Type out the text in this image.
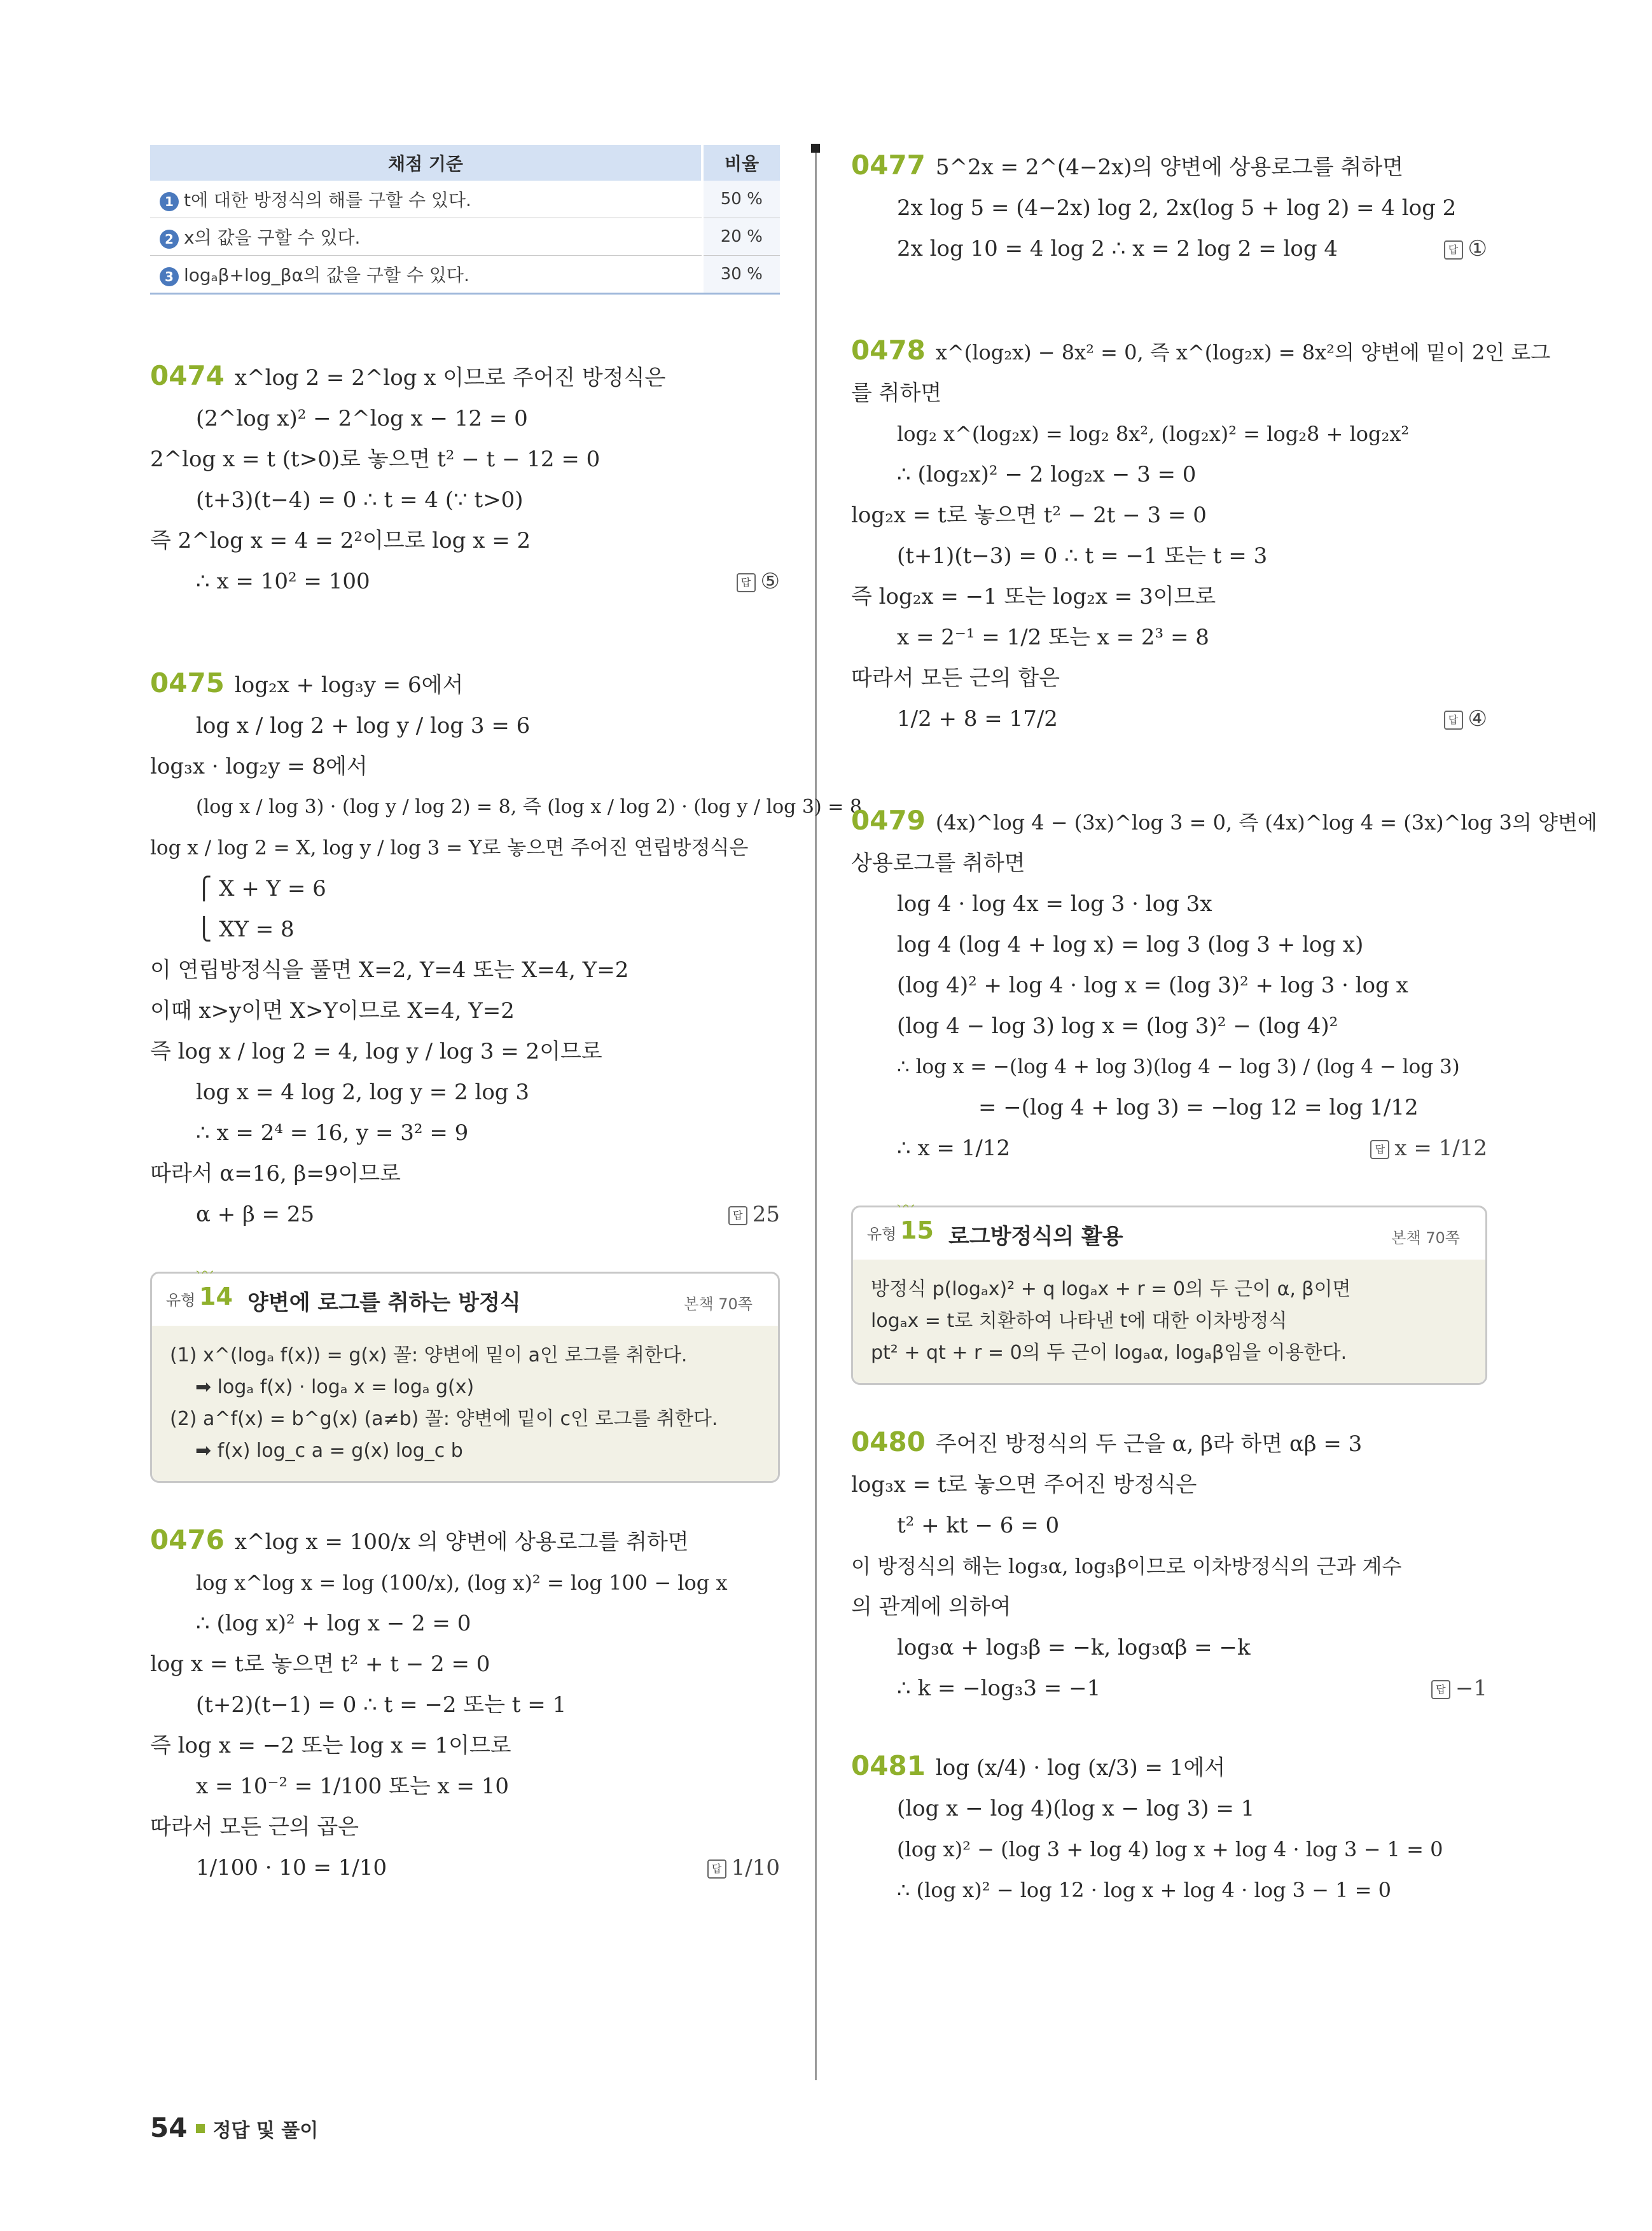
채점 기준	비율
1 t에 대한 방정식의 해를 구할 수 있다.	50 %
2 x의 값을 구할 수 있다.	20 %
3 logₐβ+log_βα의 값을 구할 수 있다.	30 %
0474 x^log 2 = 2^log x 이므로 주어진 방정식은
(2^log x)² − 2^log x − 12 = 0
2^log x = t (t>0)로 놓으면 t² − t − 12 = 0
(t+3)(t−4) = 0 ∴ t = 4 (∵ t>0)
즉 2^log x = 4 = 2²이므로 log x = 2
∴ x = 10² = 100	답 ⑤
0475 log₂x + log₃y = 6에서
log x / log 2 + log y / log 3 = 6
log₃x · log₂y = 8에서
(log x / log 3) · (log y / log 2) = 8, 즉 (log x / log 2) · (log y / log 3) = 8
log x / log 2 = X, log y / log 3 = Y로 놓으면 주어진 연립방정식은
⎧ X + Y = 6
⎩ XY = 8
이 연립방정식을 풀면 X=2, Y=4 또는 X=4, Y=2
이때 x>y이면 X>Y이므로 X=4, Y=2
즉 log x / log 2 = 4, log y / log 3 = 2이므로
log x = 4 log 2, log y = 2 log 3
∴ x = 2⁴ = 16, y = 3² = 9
따라서 α=16, β=9이므로
α + β = 25	답 25
유형 14 양변에 로그를 취하는 방정식	본책 70쪽
(1) x^(logₐ f(x)) = g(x) 꼴: 양변에 밑이 a인 로그를 취한다.
➡ logₐ f(x) · logₐ x = logₐ g(x)
(2) a^f(x) = b^g(x) (a≠b) 꼴: 양변에 밑이 c인 로그를 취한다.
➡ f(x) log_c a = g(x) log_c b
0476 x^log x = 100/x 의 양변에 상용로그를 취하면
log x^log x = log (100/x), (log x)² = log 100 − log x
∴ (log x)² + log x − 2 = 0
log x = t로 놓으면 t² + t − 2 = 0
(t+2)(t−1) = 0 ∴ t = −2 또는 t = 1
즉 log x = −2 또는 log x = 1이므로
x = 10⁻² = 1/100 또는 x = 10
따라서 모든 근의 곱은
1/100 · 10 = 1/10	답 1/10
0477 5^2x = 2^(4−2x)의 양변에 상용로그를 취하면
2x log 5 = (4−2x) log 2, 2x(log 5 + log 2) = 4 log 2
2x log 10 = 4 log 2 ∴ x = 2 log 2 = log 4	답 ①
0478 x^(log₂x) − 8x² = 0, 즉 x^(log₂x) = 8x²의 양변에 밑이 2인 로그
를 취하면
log₂ x^(log₂x) = log₂ 8x², (log₂x)² = log₂8 + log₂x²
∴ (log₂x)² − 2 log₂x − 3 = 0
log₂x = t로 놓으면 t² − 2t − 3 = 0
(t+1)(t−3) = 0 ∴ t = −1 또는 t = 3
즉 log₂x = −1 또는 log₂x = 3이므로
x = 2⁻¹ = 1/2 또는 x = 2³ = 8
따라서 모든 근의 합은
1/2 + 8 = 17/2	답 ④
0479 (4x)^log 4 − (3x)^log 3 = 0, 즉 (4x)^log 4 = (3x)^log 3의 양변에
상용로그를 취하면
log 4 · log 4x = log 3 · log 3x
log 4 (log 4 + log x) = log 3 (log 3 + log x)
(log 4)² + log 4 · log x = (log 3)² + log 3 · log x
(log 4 − log 3) log x = (log 3)² − (log 4)²
∴ log x = −(log 4 + log 3)(log 4 − log 3) / (log 4 − log 3)
= −(log 4 + log 3) = −log 12 = log 1/12
∴ x = 1/12	답 x = 1/12
유형 15 로그방정식의 활용	본책 70쪽
방정식 p(logₐx)² + q logₐx + r = 0의 두 근이 α, β이면
logₐx = t로 치환하여 나타낸 t에 대한 이차방정식
pt² + qt + r = 0의 두 근이 logₐα, logₐβ임을 이용한다.
0480 주어진 방정식의 두 근을 α, β라 하면 αβ = 3
log₃x = t로 놓으면 주어진 방정식은
t² + kt − 6 = 0
이 방정식의 해는 log₃α, log₃β이므로 이차방정식의 근과 계수
의 관계에 의하여
log₃α + log₃β = −k, log₃αβ = −k
∴ k = −log₃3 = −1	답 −1
0481 log (x/4) · log (x/3) = 1에서
(log x − log 4)(log x − log 3) = 1
(log x)² − (log 3 + log 4) log x + log 4 · log 3 − 1 = 0
∴ (log x)² − log 12 · log x + log 4 · log 3 − 1 = 0
54 정답 및 풀이
